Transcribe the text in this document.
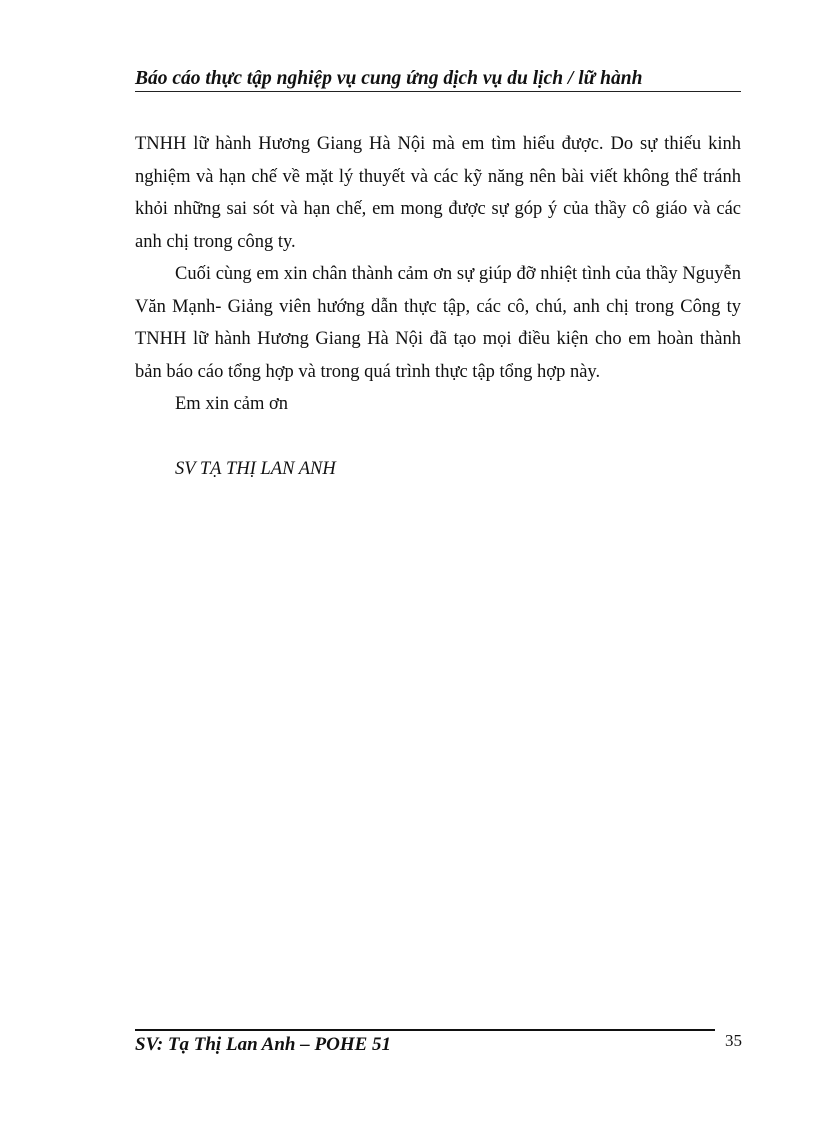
Báo cáo thực tập nghiệp vụ cung ứng dịch vụ du lịch / lữ hành

TNHH lữ hành Hương Giang Hà Nội mà em tìm hiểu được. Do sự thiếu kinh nghiệm và hạn chế về mặt lý thuyết và các kỹ năng nên bài viết không thể tránh khỏi những sai sót và hạn chế, em mong được sự góp ý của thầy cô giáo và các anh chị trong công ty.

Cuối cùng em xin chân thành cảm ơn sự giúp đỡ nhiệt tình của thầy Nguyễn Văn Mạnh- Giảng viên hướng dẫn thực tập, các cô, chú, anh chị trong Công ty TNHH lữ hành Hương Giang Hà Nội đã tạo mọi điều kiện cho em hoàn thành bản báo cáo tổng hợp và trong quá trình thực tập tổng hợp này.

Em xin cảm ơn

SV TẠ THỊ LAN ANH
SV: Tạ Thị Lan Anh – POHE 51	35
